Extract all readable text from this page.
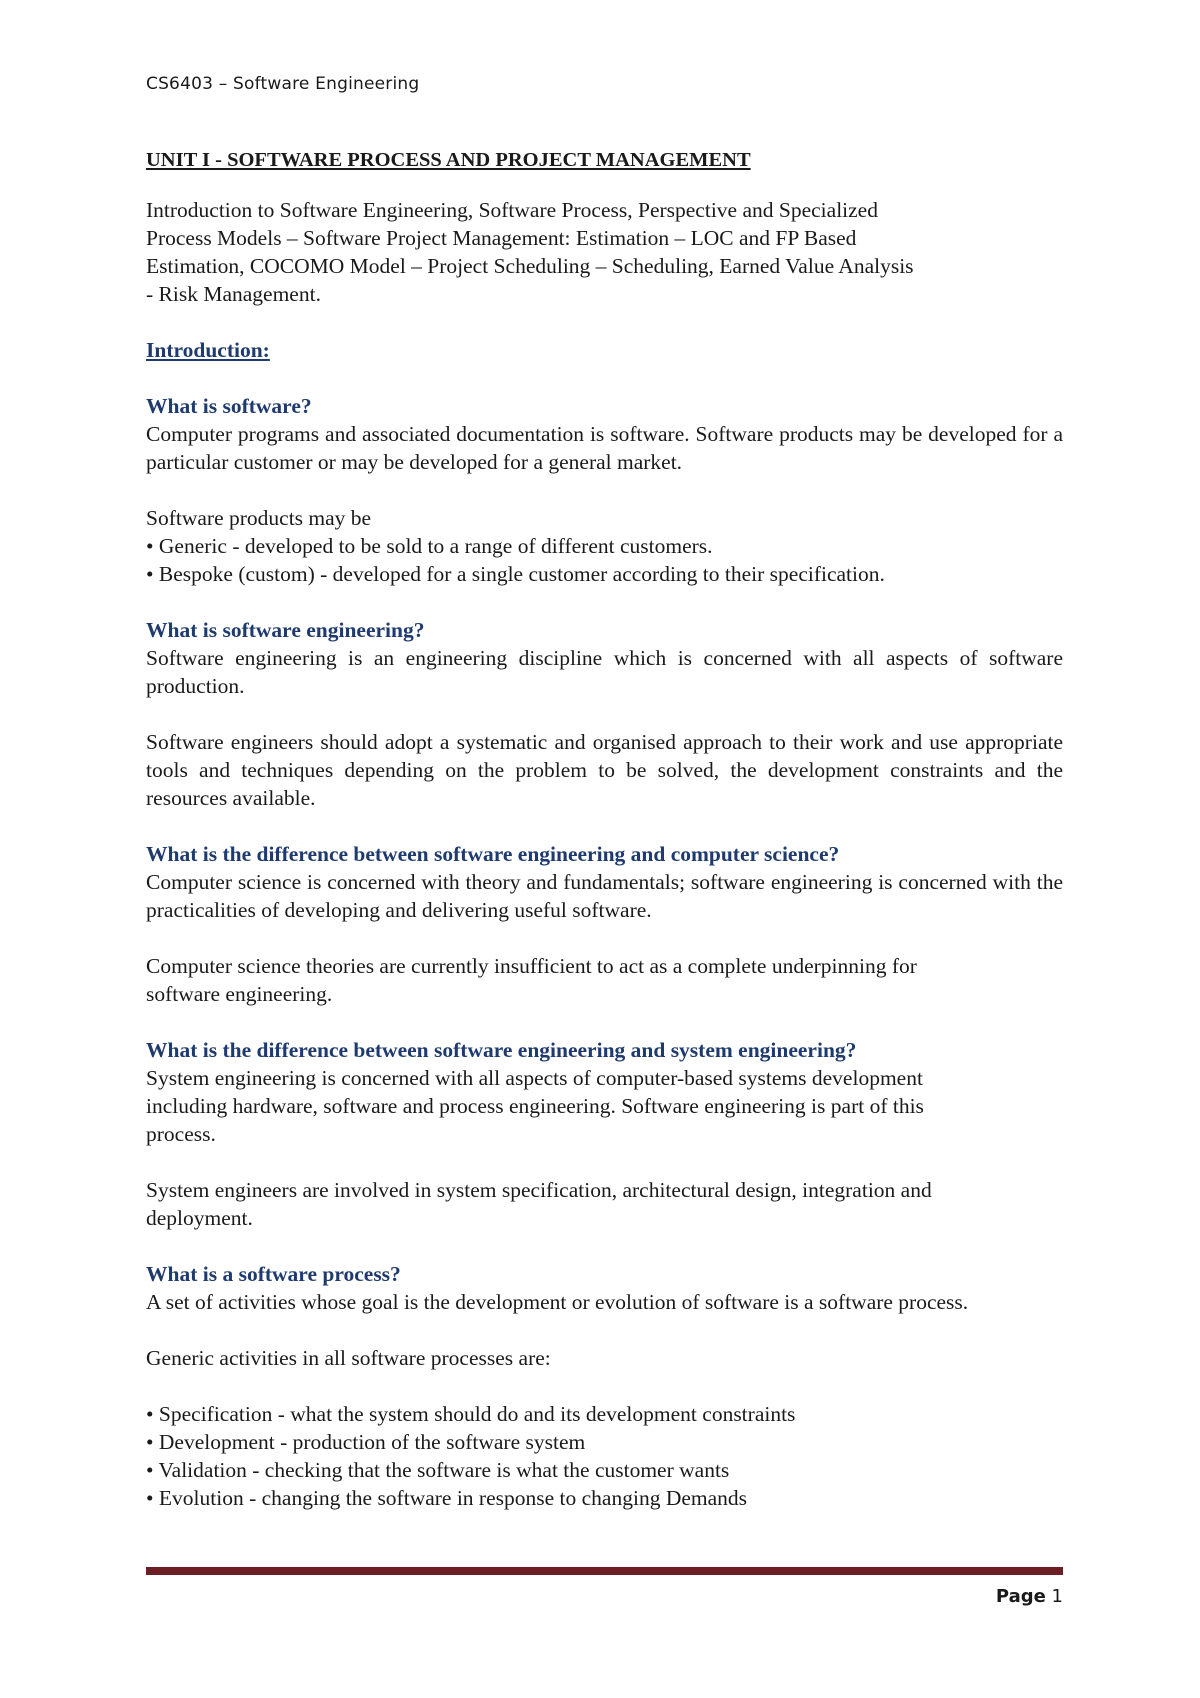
CS6403 – Software Engineering
UNIT I - SOFTWARE PROCESS AND PROJECT MANAGEMENT
Introduction to Software Engineering, Software Process, Perspective and Specialized
Process Models – Software Project Management: Estimation – LOC and FP Based
Estimation, COCOMO Model – Project Scheduling – Scheduling, Earned Value Analysis
- Risk Management.
Introduction:
What is software?

Computer programs and associated documentation is software. Software products may be developed for a particular customer or may be developed for a general market.

Software products may be

• Generic - developed to be sold to a range of different customers.
• Bespoke (custom) - developed for a single customer according to their specification.
What is software engineering?

Software engineering is an engineering discipline which is concerned with all aspects of software production.

Software engineers should adopt a systematic and organised approach to their work and use appropriate tools and techniques depending on the problem to be solved, the development constraints and the resources available.

What is the difference between software engineering and computer science?

Computer science is concerned with theory and fundamentals; software engineering is concerned with the practicalities of developing and delivering useful software.

Computer science theories are currently insufficient to act as a complete underpinning for
software engineering.

What is the difference between software engineering and system engineering?

System engineering is concerned with all aspects of computer-based systems development
including hardware, software and process engineering. Software engineering is part of this
process.

System engineers are involved in system specification, architectural design, integration and
deployment.

What is a software process?

A set of activities whose goal is the development or evolution of software is a software process.

Generic activities in all software processes are:

• Specification - what the system should do and its development constraints
• Development - production of the software system
• Validation - checking that the software is what the customer wants
• Evolution - changing the software in response to changing Demands
Page 1
